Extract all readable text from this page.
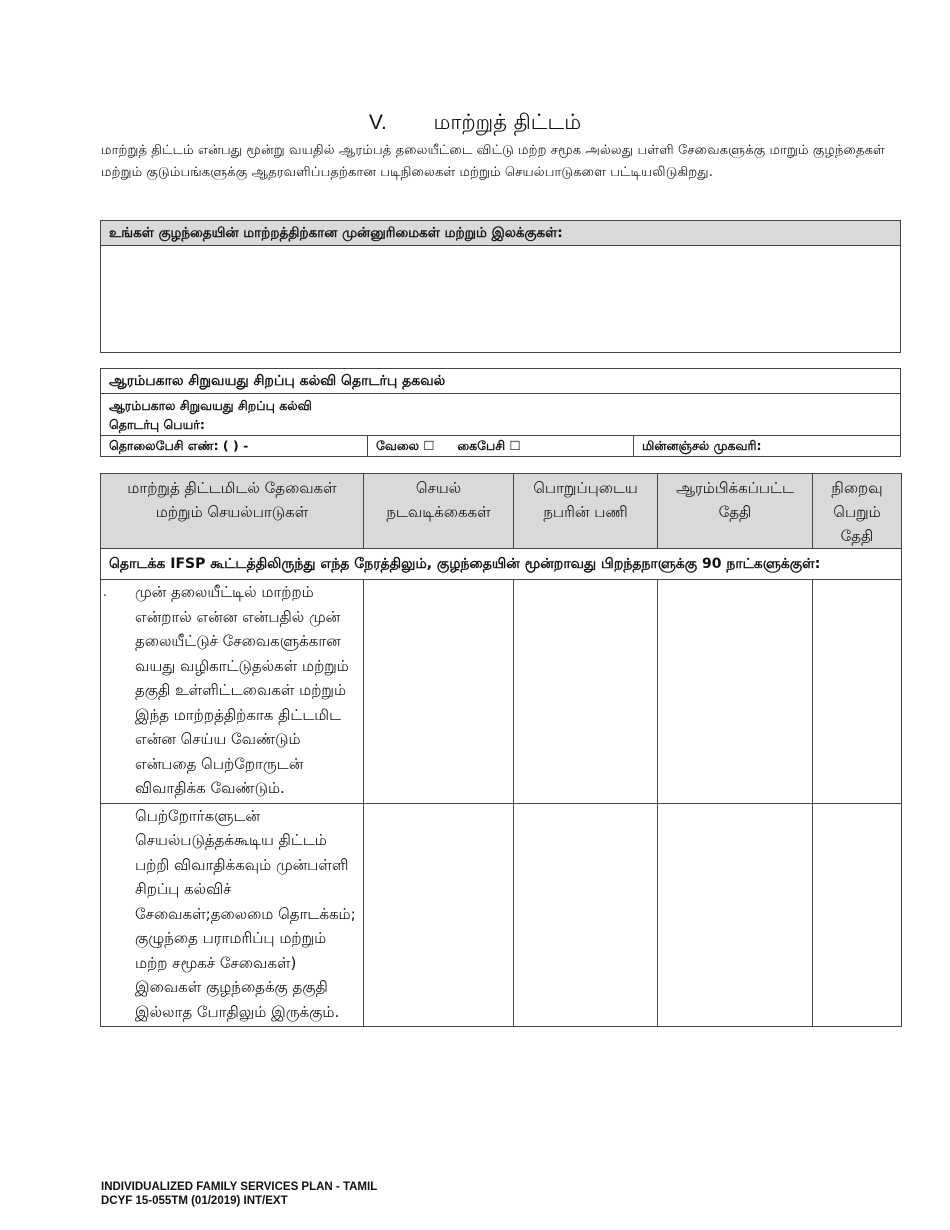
V. மாற்றுத் திட்டம்
மாற்றுத் திட்டம் என்பது மூன்று வயதில் ஆரம்பத் தலையீட்டை விட்டு மற்ற சமூக அல்லது பள்ளி சேவைகளுக்கு மாறும் குழந்தைகள் மற்றும் குடும்பங்களுக்கு ஆதரவளிப்பதற்கான படிநிலைகள் மற்றும் செயல்பாடுகளை பட்டியலிடுகிறது.
உங்கள் குழந்தையின் மாற்றத்திற்கான முன்னுரிமைகள் மற்றும் இலக்குகள்:
ஆரம்பகால சிறுவயது சிறப்பு கல்வி தொடர்பு தகவல்
ஆரம்பகால சிறுவயது சிறப்பு கல்வி
தொடர்பு பெயர்:
தொலைபேசி எண்: ( ) -	வேலை ☐ கைபேசி ☐	மின்னஞ்சல் முகவரி:
மாற்றுத் திட்டமிடல் தேவைகள் மற்றும் செயல்பாடுகள்	செயல் நடவடிக்கைகள்	பொறுப்புடைய நபரின் பணி	ஆரம்பிக்கப்பட்ட தேதி	நிறைவு பெறும் தேதி
தொடக்க IFSP கூட்டத்திலிருந்து எந்த நேரத்திலும், குழந்தையின் மூன்றாவது பிறந்தநாளுக்கு 90 நாட்களுக்குள்:				

. முன் தலையீட்டில் மாற்றம் என்றால் என்ன என்பதில் முன் தலையீட்டுச் சேவைகளுக்கான வயது வழிகாட்டுதல்கள் மற்றும் தகுதி உள்ளிட்டவைகள் மற்றும் இந்த மாற்றத்திற்காக திட்டமிட என்ன செய்ய வேண்டும் என்பதை பெற்றோருடன் விவாதிக்க வேண்டும்.				

பெற்றோர்களுடன் செயல்படுத்தக்கூடிய திட்டம் பற்றி விவாதிக்கவும் முன்பள்ளி சிறப்பு கல்விச் சேவைகள்;தலைமை தொடக்கம்; குழுந்தை பராமரிப்பு மற்றும் மற்ற சமூகச் சேவைகள்) இவைகள் குழந்தைக்கு தகுதி இல்லாத போதிலும் இருக்கும்.				
INDIVIDUALIZED FAMILY SERVICES PLAN - TAMIL
DCYF 15-055TM (01/2019) INT/EXT
